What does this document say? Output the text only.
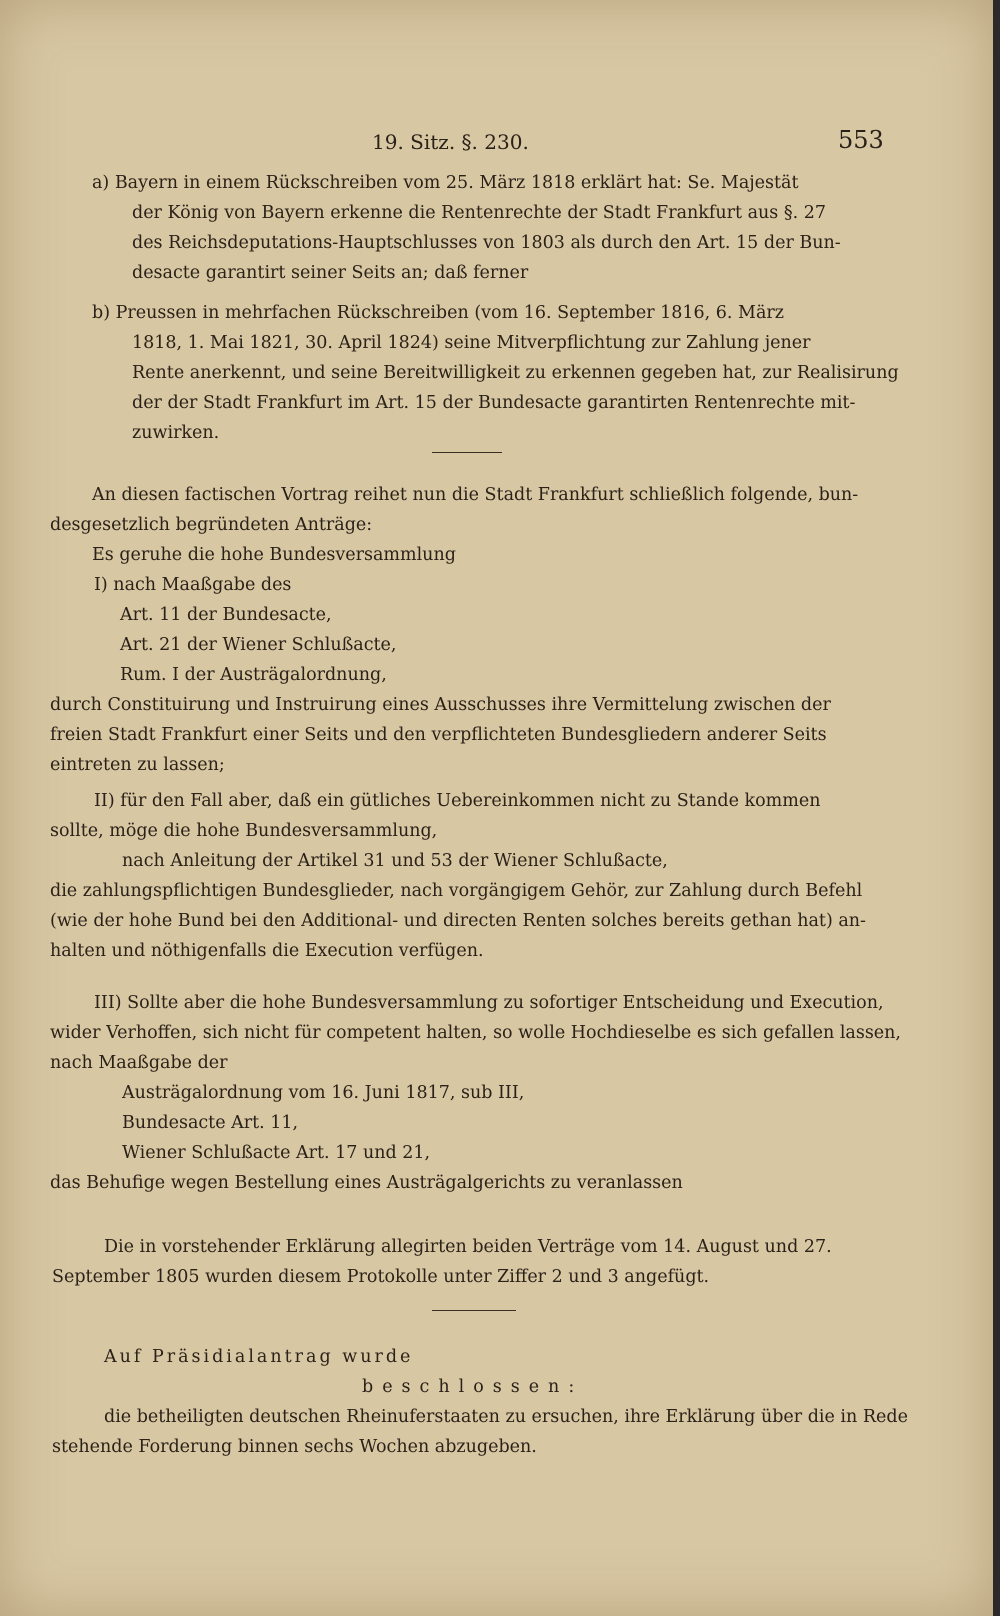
19. Sitz. §. 230.	553
a) Bayern in einem Rückschreiben vom 25. März 1818 erklärt hat: Se. Majestät
der König von Bayern erkenne die Rentenrechte der Stadt Frankfurt aus §. 27
des Reichsdeputations-Hauptschlusses von 1803 als durch den Art. 15 der Bun-
desacte garantirt seiner Seits an; daß ferner
b) Preussen in mehrfachen Rückschreiben (vom 16. September 1816, 6. März
1818, 1. Mai 1821, 30. April 1824) seine Mitverpflichtung zur Zahlung jener
Rente anerkennt, und seine Bereitwilligkeit zu erkennen gegeben hat, zur Realisirung
der der Stadt Frankfurt im Art. 15 der Bundesacte garantirten Rentenrechte mit-
zuwirken.
An diesen factischen Vortrag reihet nun die Stadt Frankfurt schließlich folgende, bun-
desgesetzlich begründeten Anträge:
Es geruhe die hohe Bundesversammlung
I) nach Maaßgabe des
Art. 11 der Bundesacte,
Art. 21 der Wiener Schlußacte,
Rum. I der Austrägalordnung,
durch Constituirung und Instruirung eines Ausschusses ihre Vermittelung zwischen der
freien Stadt Frankfurt einer Seits und den verpflichteten Bundesgliedern anderer Seits
eintreten zu lassen;
II) für den Fall aber, daß ein gütliches Uebereinkommen nicht zu Stande kommen
sollte, möge die hohe Bundesversammlung,
nach Anleitung der Artikel 31 und 53 der Wiener Schlußacte,
die zahlungspflichtigen Bundesglieder, nach vorgängigem Gehör, zur Zahlung durch Befehl
(wie der hohe Bund bei den Additional- und directen Renten solches bereits gethan hat) an-
halten und nöthigenfalls die Execution verfügen.
III) Sollte aber die hohe Bundesversammlung zu sofortiger Entscheidung und Execution,
wider Verhoffen, sich nicht für competent halten, so wolle Hochdieselbe es sich gefallen lassen,
nach Maaßgabe der
Austrägalordnung vom 16. Juni 1817, sub III,
Bundesacte Art. 11,
Wiener Schlußacte Art. 17 und 21,
das Behufige wegen Bestellung eines Austrägalgerichts zu veranlassen
Die in vorstehender Erklärung allegirten beiden Verträge vom 14. August und 27.
September 1805 wurden diesem Protokolle unter Ziffer 2 und 3 angefügt.
Auf Präsidialantrag wurde
beschlossen:
die betheiligten deutschen Rheinuferstaaten zu ersuchen, ihre Erklärung über die in Rede
stehende Forderung binnen sechs Wochen abzugeben.
